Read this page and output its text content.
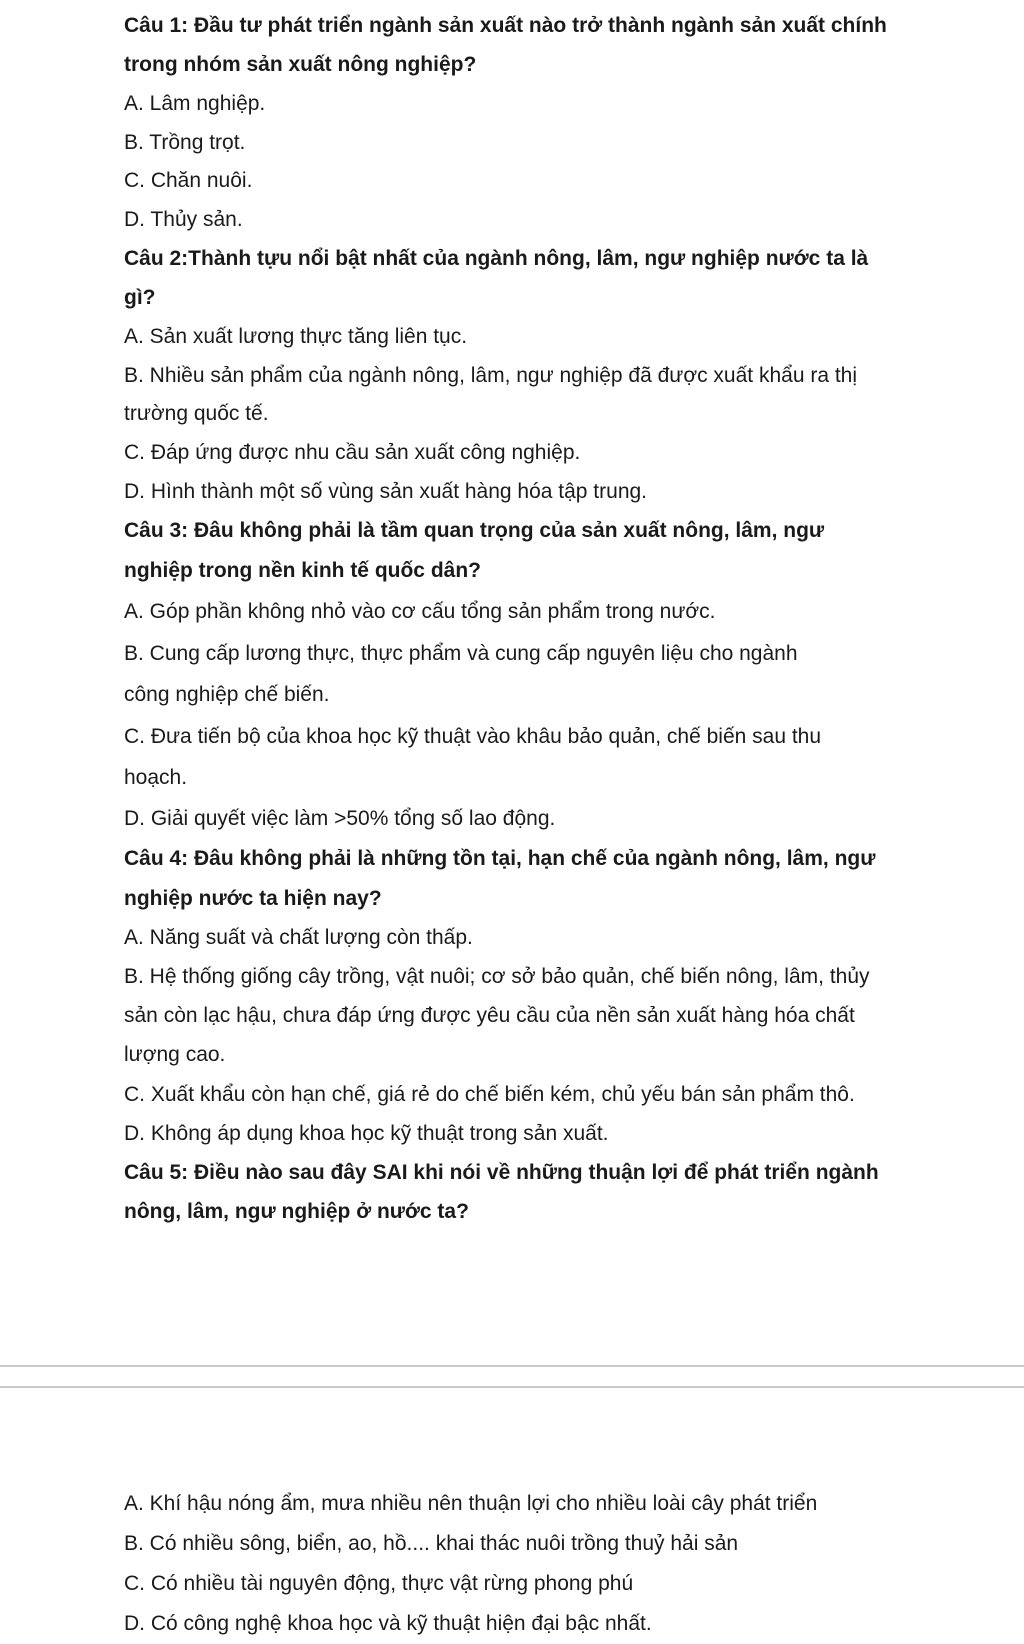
Câu 1: Đầu tư phát triển ngành sản xuất nào trở thành ngành sản xuất chính
trong nhóm sản xuất nông nghiệp?
A. Lâm nghiệp.
B. Trồng trọt.
C. Chăn nuôi.
D. Thủy sản.
Câu 2:Thành tựu nổi bật nhất của ngành nông, lâm, ngư nghiệp nước ta là
gì?
A. Sản xuất lương thực tăng liên tục.
B. Nhiều sản phẩm của ngành nông, lâm, ngư nghiệp đã được xuất khẩu ra thị
trường quốc tế.
C. Đáp ứng được nhu cầu sản xuất công nghiệp.
D. Hình thành một số vùng sản xuất hàng hóa tập trung.
Câu 3: Đâu không phải là tầm quan trọng của sản xuất nông, lâm, ngư
nghiệp trong nền kinh tế quốc dân?
A. Góp phần không nhỏ vào cơ cấu tổng sản phẩm trong nước.
B. Cung cấp lương thực, thực phẩm và cung cấp nguyên liệu cho ngành
công nghiệp chế biến.
C. Đưa tiến bộ của khoa học kỹ thuật vào khâu bảo quản, chế biến sau thu
hoạch.
D. Giải quyết việc làm >50% tổng số lao động.
Câu 4: Đâu không phải là những tồn tại, hạn chế của ngành nông, lâm, ngư
nghiệp nước ta hiện nay?
A. Năng suất và chất lượng còn thấp.
B. Hệ thống giống cây trồng, vật nuôi; cơ sở bảo quản, chế biến nông, lâm, thủy
sản còn lạc hậu, chưa đáp ứng được yêu cầu của nền sản xuất hàng hóa chất
lượng cao.
C. Xuất khẩu còn hạn chế, giá rẻ do chế biến kém, chủ yếu bán sản phẩm thô.
D. Không áp dụng khoa học kỹ thuật trong sản xuất.
Câu 5: Điều nào sau đây SAI khi nói về những thuận lợi để phát triển ngành
nông, lâm, ngư nghiệp ở nước ta?
A. Khí hậu nóng ẩm, mưa nhiều nên thuận lợi cho nhiều loài cây phát triển
B. Có nhiều sông, biển, ao, hồ.... khai thác nuôi trồng thuỷ hải sản
C. Có nhiều tài nguyên động, thực vật rừng phong phú
D. Có công nghệ khoa học và kỹ thuật hiện đại bậc nhất.
